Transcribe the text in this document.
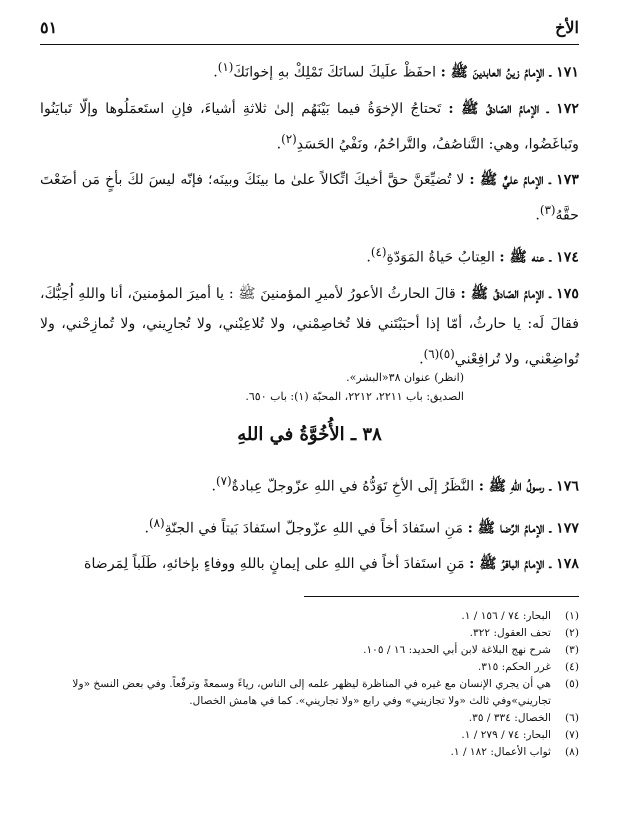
الأخ
٥١

١٧١ ـ الإمامُ زينُ العابدينَ ﷺ : احفَظْ علَيكَ لسانَكَ تَمْلِكْ بهِ إخوانَكَ$^{(١)}$.

١٧٢ ـ الإمامُ الصّادقُ ﷺ : تَحتاجُ الإخوَةُ فيما بَيْنَهُم إلىٰ ثلاثةِ أشياءَ، فإنِ استَعمَلُوها وإلّا تَبايَنُوا وتَباغَضُوا، وهي: التَّناصُفُ، والتَّراحُمُ، ونَفْيُ الحَسَدِ$^{(٢)}$.

١٧٣ ـ الإمامُ عليٌّ ﷺ : لا تُضيِّعَنَّ حقَّ أخيكَ اتِّكالاً علىٰ ما بينَكَ وبينَه؛ فإنّه ليسَ لكَ بأخٍ مَن أضَعْتَ حقَّهُ$^{(٣)}$.

١٧٤ ـ عنه ﷺ : العِتابُ حَياةُ المَوَدّةِ$^{(٤)}$.

١٧٥ ـ الإمامُ الصّادقُ ﷺ : قالَ الحارثُ الأعورُ لأميرِ المؤمنينَ ﷺ : يا أميرَ المؤمنينَ، أنا واللهِ اُحِبُّكَ، فقالَ لَه: يا حارثُ، أمّا إذا أحبَبْتَني فلا تُخاصِمْني، ولا تُلاعِبْني، ولا تُجارِيني، ولا تُمازِحْني، ولا تُواضِعْني، ولا تُرافِعْني$^{(٥)(٦)}$.

(انظر) عنوان ٣٨«البشر».
الصديق: باب ٢٢١١، ٢٢١٢، المحبّة (١): باب ٦٥٠.
٣٨ ـ الأُخُوَّةُ في اللهِ

١٧٦ ـ رسولُ اللهِ ﷺ : النَّظَرُ إلَى الأخِ تَوَدُّهُ في اللهِ عزّوجلّ عِبادةٌ$^{(٧)}$.

١٧٧ ـ الإمامُ الرِّضا ﷺ : مَنِ استَفادَ أخاً في اللهِ عزّوجلّ استَفادَ بَيتاً في الجنّةِ$^{(٨)}$.

١٧٨ ـ الإمامُ الباقرُ ﷺ : مَنِ استَفادَ أخاً في اللهِ على إيمانٍ باللهِ ووفاءٍ بإخائهِ، طَلَباً لِمَرضاة

(١)
البحار: ٧٤ / ١٥٦ / ١.
(٢)
تحف العقول: ٣٢٢.
(٣)
شرح نهج البلاغة لابن أبي الحديد: ١٦ / ١٠٥.
(٤)
غرر الحكم: ٣١٥.
(٥)
هي أن يجري الإنسان مع غيره في المناظرة ليظهر علمه إلى الناس، رياءً وسمعةً وترفّعاً. وفي بعض النسخ «ولا تجاريني»وفي ثالث «ولا تجازيني» وفي رابع «ولا تجاريني». كما في هامش الخصال.
(٦)
الخصال: ٣٣٤ / ٣٥.
(٧)
البحار: ٧٤ / ٢٧٩ / ١.
(٨)
ثواب الأعمال: ١٨٢ / ١.
